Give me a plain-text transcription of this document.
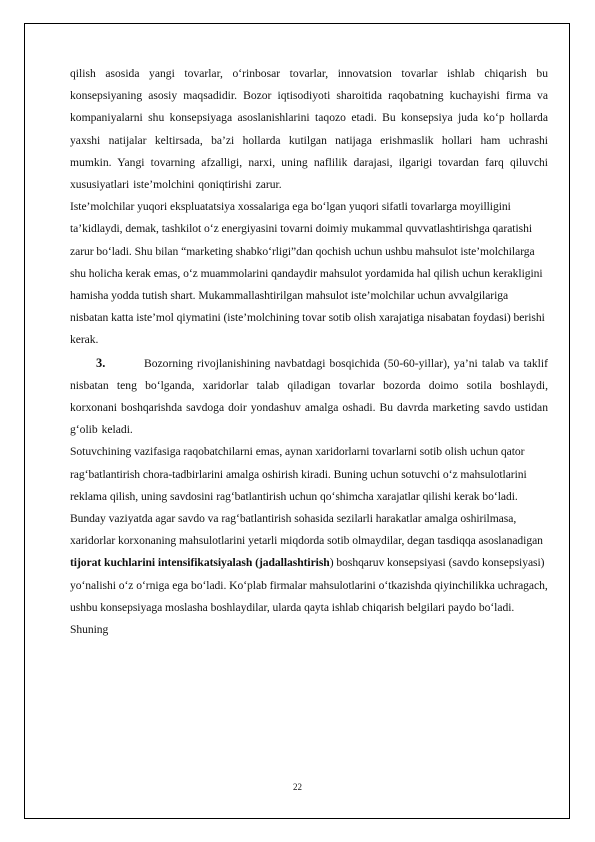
qilish asosida yangi tovarlar, o‘rinbosar tovarlar, innovatsion tovarlar ishlab chiqarish bu konsepsiyaning asosiy maqsadidir. Bozor iqtisodiyoti sharoitida raqobatning kuchayishi firma va kompaniyalarni shu konsepsiyaga asoslanishlarini taqozo etadi. Bu konsepsiya juda ko‘p hollarda yaxshi natijalar keltirsada, ba’zi hollarda kutilgan natijaga erishmaslik hollari ham uchrashi mumkin. Yangi tovarning afzalligi, narxi, uning naflilik darajasi, ilgarigi tovardan farq qiluvchi xususiyatlari iste’molchini qoniqtirishi zarur.

Iste’molchilar yuqori ekspluatatsiya xossalariga ega bo‘lgan yuqori sifatli tovarlarga moyilligini ta’kidlaydi, demak, tashkilot o‘z energiyasini tovarni doimiy mukammal quvvatlashtirishga qaratishi zarur bo‘ladi. Shu bilan “marketing shabko‘rligi”dan qochish uchun ushbu mahsulot iste’molchilarga shu holicha kerak emas, o‘z muammolarini qandaydir mahsulot yordamida hal qilish uchun kerakligini hamisha yodda tutish shart. Mukammallashtirilgan mahsulot iste’molchilar uchun avvalgilariga nisbatan katta iste’mol qiymatini (iste’molchining tovar sotib olish xarajatiga nisabatan foydasi) berishi kerak.

3.	Bozorning rivojlanishining navbatdagi bosqichida (50-60-yillar), ya’ni talab va taklif nisbatan teng bo‘lganda, xaridorlar talab qiladigan tovarlar bozorda doimo sotila boshlaydi, korxonani boshqarishda savdoga doir yondashuv amalga oshadi. Bu davrda marketing savdo ustidan g‘olib keladi.

Sotuvchining vazifasiga raqobatchilarni emas, aynan xaridorlarni tovarlarni sotib olish uchun qator rag‘batlantirish chora-tadbirlarini amalga oshirish kiradi. Buning uchun sotuvchi o‘z mahsulotlarini reklama qilish, uning savdosini rag‘batlantirish uchun qo‘shimcha xarajatlar qilishi kerak bo‘ladi. Bunday vaziyatda agar savdo va rag‘batlantirish sohasida sezilarli harakatlar amalga oshirilmasa, xaridorlar korxonaning mahsulotlarini yetarli miqdorda sotib olmaydilar, degan tasdiqqa asoslanadigan tijorat kuchlarini intensifikatsiyalash (jadallashtirish) boshqaruv konsepsiyasi (savdo konsepsiyasi) yo‘nalishi o‘z o‘rniga ega bo‘ladi. Ko‘plab firmalar mahsulotlarini o‘tkazishda qiyinchilikka uchragach, ushbu konsepsiyaga moslasha boshlaydilar, ularda qayta ishlab chiqarish belgilari paydo bo‘ladi. Shuning

22
